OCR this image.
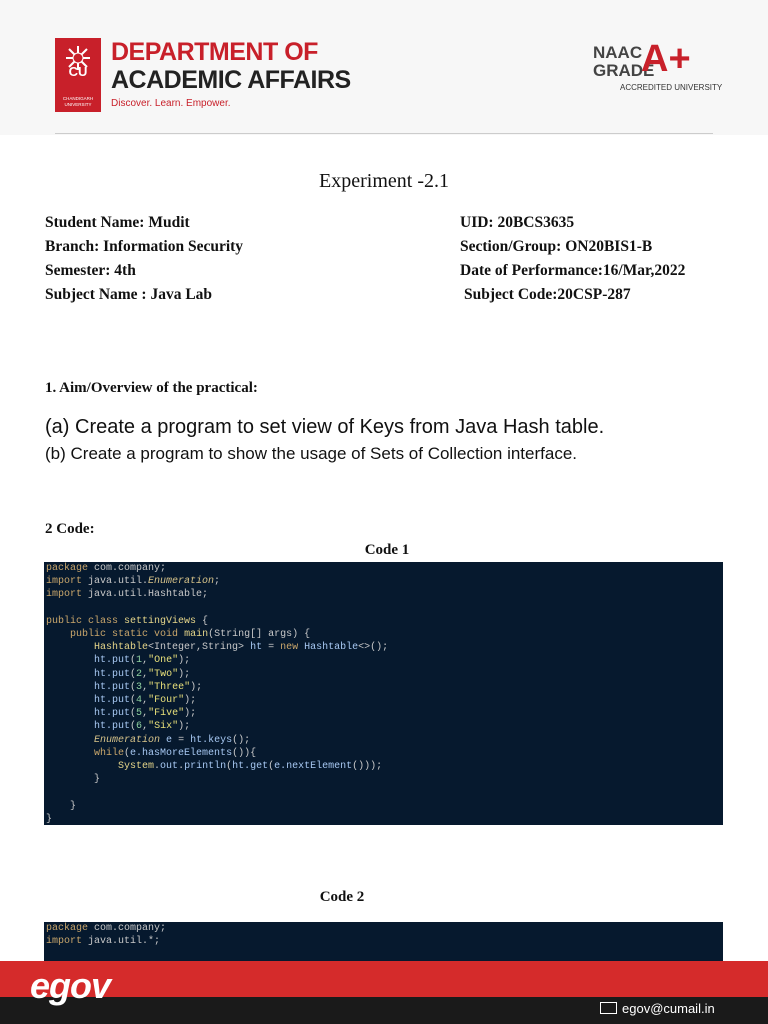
CU
CHANDIGARH UNIVERSITY
DEPARTMENT OF
ACADEMIC AFFAIRS
Discover. Learn. Empower.
NAAC
GRADE
A+
ACCREDITED UNIVERSITY
Experiment -2.1
Student Name: Mudit	UID: 20BCS3635
Branch: Information Security	Section/Group: ON20BIS1-B
Semester: 4th	Date of Performance:16/Mar,2022
Subject Name : Java Lab	Subject Code:20CSP-287
1. Aim/Overview of the practical:
(a) Create a program to set view of Keys from Java Hash table.
(b) Create a program to show the usage of Sets of Collection interface.
2 Code:
Code 1
package com.company;
import java.util.Enumeration;
import java.util.Hashtable;

public class settingViews {
public static void main(String[] args) {
Hashtable<Integer,String> ht = new Hashtable<>();
ht.put(1,"One");
ht.put(2,"Two");
ht.put(3,"Three");
ht.put(4,"Four");
ht.put(5,"Five");
ht.put(6,"Six");
Enumeration e = ht.keys();
while(e.hasMoreElements()){
System.out.println(ht.get(e.nextElement()));
}

}
}
Code 2
package com.company;
import java.util.*;
egov
egov@cumail.in
